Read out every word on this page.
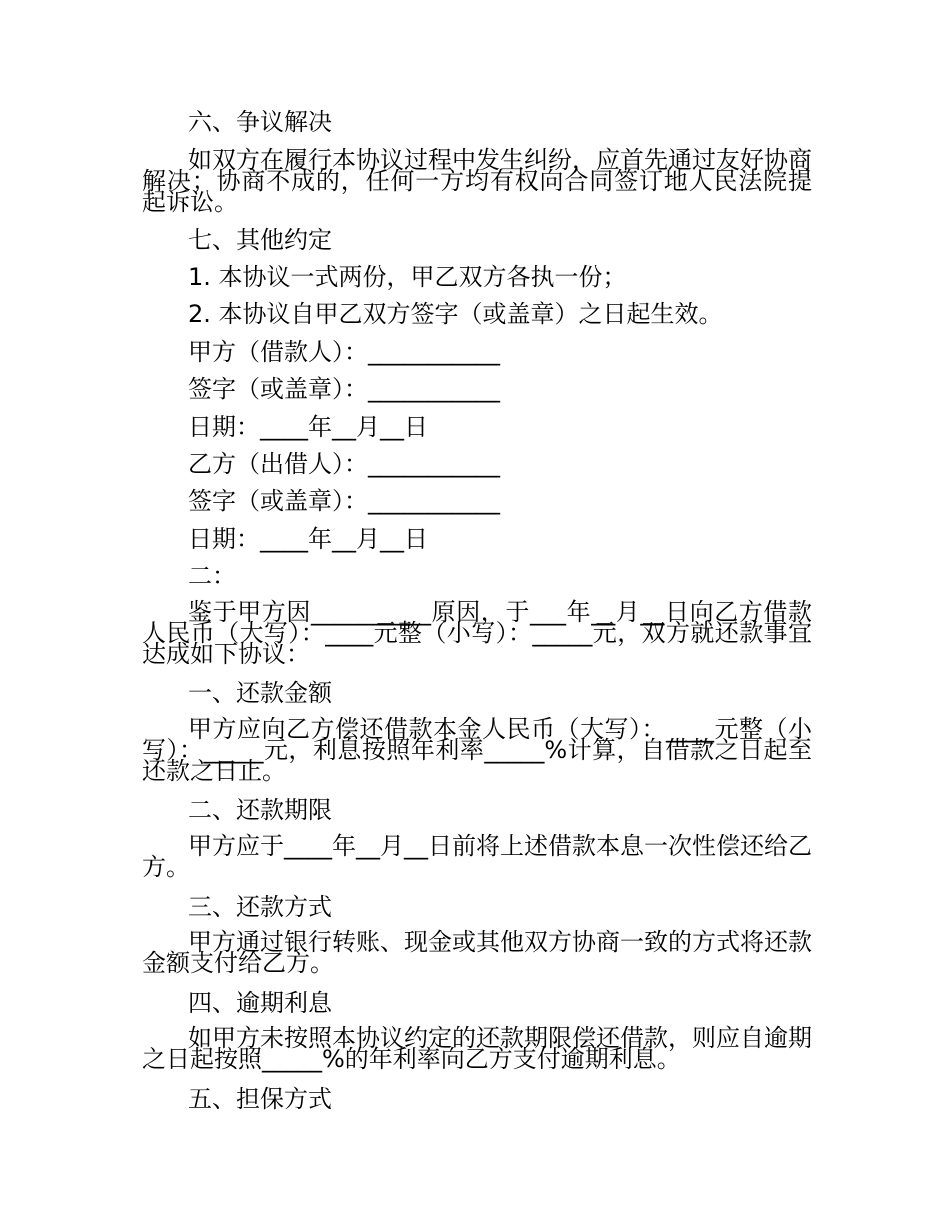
六、争议解决
如双方在履行本协议过程中发生纠纷，应首先通过友好协商解决；协商不成的，任何一方均有权向合同签订地人民法院提起诉讼。
七、其他约定
1. 本协议一式两份，甲乙双方各执一份；
2. 本协议自甲乙双方签字（或盖章）之日起生效。
甲方（借款人）：___________
签字（或盖章）：___________
日期：____年__月__日
乙方（出借人）：___________
签字（或盖章）：___________
日期：____年__月__日
二：
鉴于甲方因__________原因，于___年__月__日向乙方借款人民币（大写）：____元整（小写）：_____元，双方就还款事宜达成如下协议：
一、还款金额
甲方应向乙方偿还借款本金人民币（大写）：____元整（小写）：_____元，利息按照年利率_____%计算，自借款之日起至还款之日止。
二、还款期限
甲方应于____年__月__日前将上述借款本息一次性偿还给乙方。
三、还款方式
甲方通过银行转账、现金或其他双方协商一致的方式将还款金额支付给乙方。
四、逾期利息
如甲方未按照本协议约定的还款期限偿还借款，则应自逾期之日起按照_____%的年利率向乙方支付逾期利息。
五、担保方式
